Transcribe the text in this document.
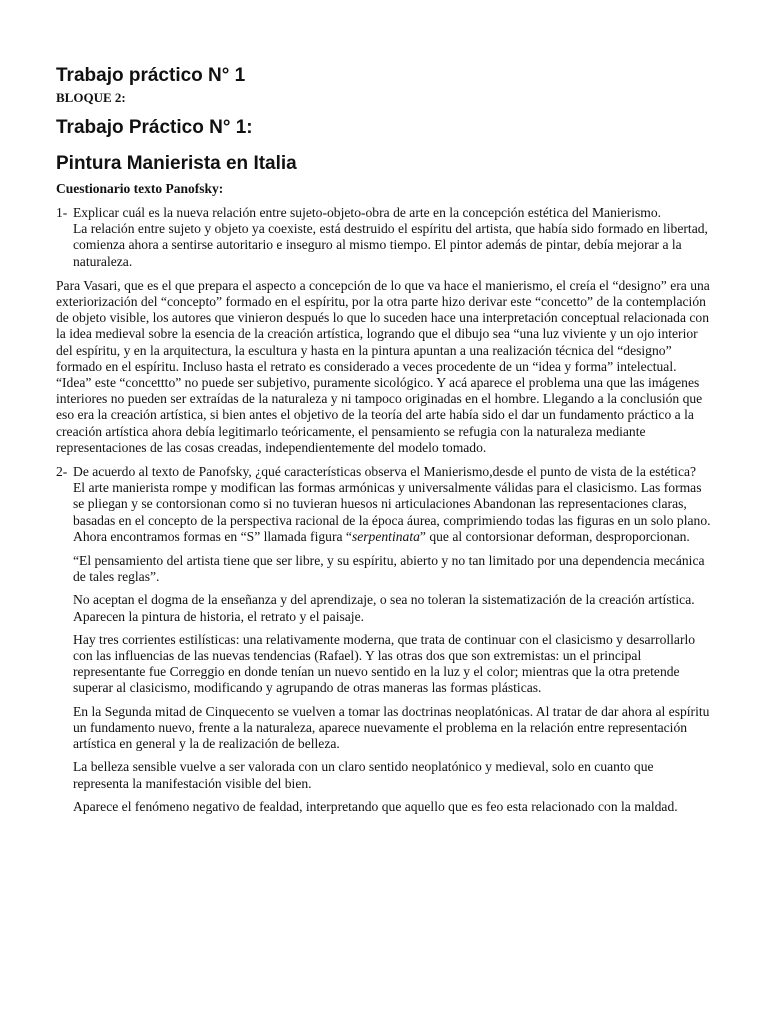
Trabajo práctico N° 1

BLOQUE 2:

Trabajo Práctico N° 1:
Pintura Manierista en Italia

Cuestionario texto Panofsky:

1- Explicar cuál es la nueva relación entre sujeto-objeto-obra de arte en la concepción estética del Manierismo.

La relación entre sujeto y objeto ya coexiste, está destruido el espíritu del artista, que había sido formado en libertad, comienza ahora a sentirse autoritario e inseguro al mismo tiempo. El pintor además de pintar, debía mejorar a la naturaleza.

Para Vasari, que es el que prepara el aspecto a concepción de lo que va hace el manierismo, el creía el “designo” era una exteriorización del “concepto” formado en el espíritu, por la otra parte hizo derivar este “concetto” de la contemplación de objeto visible, los autores que vinieron después lo que lo suceden hace una interpretación conceptual relacionada con la idea medieval sobre la esencia de la creación artística, logrando que el dibujo sea “una luz viviente y un ojo interior del espíritu, y en la arquitectura, la escultura y hasta en la pintura apuntan a una realización técnica del “designo” formado en el espíritu. Incluso hasta el retrato es considerado a veces procedente de un “idea y forma” intelectual.
“Idea” este “concettto” no puede ser subjetivo, puramente sicológico. Y acá aparece el problema una que las imágenes interiores no pueden ser extraídas de la naturaleza y ni tampoco originadas en el hombre. Llegando a la conclusión que eso era la creación artística, si bien antes el objetivo de la teoría del arte había sido el dar un fundamento práctico a la creación artística ahora debía legitimarlo teóricamente, el pensamiento se refugia con la naturaleza mediante representaciones de las cosas creadas, independientemente del modelo tomado.

2- De acuerdo al texto de Panofsky, ¿qué características observa el Manierismo,desde el punto de vista de la estética?

El arte manierista rompe y modifican las formas armónicas y universalmente válidas para el clasicismo. Las formas se pliegan y se contorsionan como si no tuvieran huesos ni articulaciones Abandonan las representaciones claras, basadas en el concepto de la perspectiva racional de la época áurea, comprimiendo todas las figuras en un solo plano. Ahora encontramos formas en “S” llamada figura “serpentinata” que al contorsionar deforman, desproporcionan.

“El pensamiento del artista tiene que ser libre, y su espíritu, abierto y no tan limitado por una dependencia mecánica de tales reglas”.

No aceptan el dogma de la enseñanza y del aprendizaje, o sea no toleran la sistematización de la creación artística. Aparecen la pintura de historia, el retrato y el paisaje.

Hay tres corrientes estilísticas: una relativamente moderna, que trata de continuar con el clasicismo y desarrollarlo con las influencias de las nuevas tendencias (Rafael). Y las otras dos que son extremistas: un el principal representante fue Correggio en donde tenían un nuevo sentido en la luz y el color; mientras que la otra pretende superar al clasicismo, modificando y agrupando de otras maneras las formas plásticas.

En la Segunda mitad de Cinquecento se vuelven a tomar las doctrinas neoplatónicas. Al tratar de dar ahora al espíritu un fundamento nuevo, frente a la naturaleza, aparece nuevamente el problema en la relación entre representación artística en general y la de realización de belleza.

La belleza sensible vuelve a ser valorada con un claro sentido neoplatónico y medieval, solo en cuanto que representa la manifestación visible del bien.

Aparece el fenómeno negativo de fealdad, interpretando que aquello que es feo esta relacionado con la maldad.
